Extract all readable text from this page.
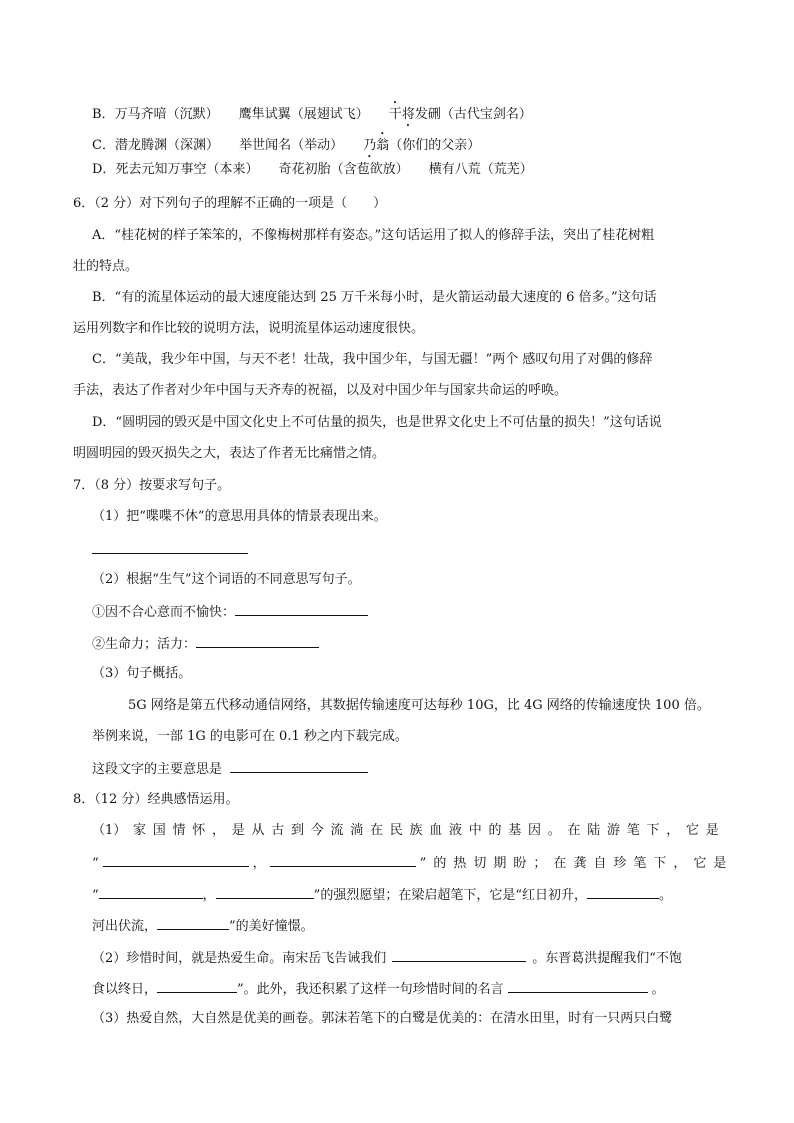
B．万马齐喑（沉默） 鹰隼试翼（展翅试飞） 干将发硎（古代宝剑名）
C．潜龙腾渊（深渊） 举世闻名（举动） 乃翁（你们的父亲）
D．死去元知万事空（本来） 奇花初胎（含苞欲放） 横有八荒（荒芜）
6．（2 分）对下列句子的理解不正确的一项是（　　）
A．“桂花树的样子笨笨的，不像梅树那样有姿态。”这句话运用了拟人的修辞手法，突出了桂花树粗
壮的特点。
B．“有的流星体运动的最大速度能达到 25 万千米每小时，是火箭运动最大速度的 6 倍多。”这句话
运用列数字和作比较的说明方法，说明流星体运动速度很快。
C．“美哉，我少年中国，与天不老！壮哉，我中国少年，与国无疆！”两个 感叹句用了对偶的修辞
手法，表达了作者对少年中国与天齐寿的祝福，以及对中国少年与国家共命运的呼唤。
D．“圆明园的毁灭是中国文化史上不可估量的损失，也是世界文化史上不可估量的损失！”这句话说
明圆明园的毁灭损失之大，表达了作者无比痛惜之情。
7．（8 分）按要求写句子。
（1）把“喋喋不休”的意思用具体的情景表现出来。
（2）根据“生气”这个词语的不同意思写句子。
①因不合心意而不愉快：
②生命力；活力：
（3）句子概括。
5G 网络是第五代移动通信网络，其数据传输速度可达每秒 10G，比 4G 网络的传输速度快 100 倍。
举例来说，一部 1G 的电影可在 0.1 秒之内下载完成。
这段文字的主要意思是
8．（12 分）经典感悟运用。
（1） 家 国 情 怀 ， 是 从 古 到 今 流 淌 在 民 族 血 液 中 的 基 因 。 在 陆 游 笔 下 ， 它 是
“	，	”的热切期盼；在龚自珍笔下，它是
“	，	”的强烈愿望；在梁启超笔下，它是“红日初升，	。
河出伏流，	”的美好憧憬。
（2）珍惜时间，就是热爱生命。南宋岳飞告诫我们	。东晋葛洪提醒我们“不饱
食以终日，	”。此外，我还积累了这样一句珍惜时间的名言	。
（3）热爱自然，大自然是优美的画卷。郭沫若笔下的白鹭是优美的：在清水田里，时有一只两只白鹭
